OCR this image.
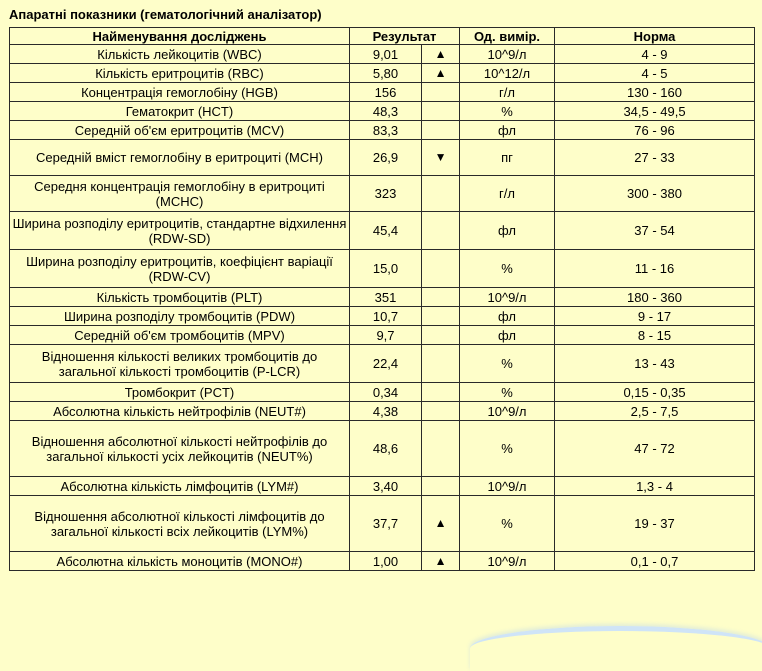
Апаратні показники (гематологічний аналізатор)
Найменування досліджень	Результат		Од. вимір.	Норма
Кількість лейкоцитів (WBC)	9,01	▲	10^9/л	4 - 9
Кількість еритроцитів (RBC)	5,80	▲	10^12/л	4 - 5
Концентрація гемоглобіну (HGB)	156		г/л	130 - 160
Гематокрит (HCT)	48,3		%	34,5 - 49,5
Середній об'єм еритроцитів (MCV)	83,3		фл	76 - 96
Середній вміст гемоглобіну в еритроциті (MCH)	26,9	▼	пг	27 - 33
Середня концентрація гемоглобіну в еритроциті (MCHC)	323		г/л	300 - 380
Ширина розподілу еритроцитів, стандартне відхилення (RDW-SD)	45,4		фл	37 - 54
Ширина розподілу еритроцитів, коефіцієнт варіації (RDW-CV)	15,0		%	11 - 16
Кількість тромбоцитів (PLT)	351		10^9/л	180 - 360
Ширина розподілу тромбоцитів (PDW)	10,7		фл	9 - 17
Середній об'єм тромбоцитів (MPV)	9,7		фл	8 - 15
Відношення кількості великих тромбоцитів до загальної кількості тромбоцитів (P-LCR)	22,4		%	13 - 43
Тромбокрит (PCT)	0,34		%	0,15 - 0,35
Абсолютна кількість нейтрофілів (NEUT#)	4,38		10^9/л	2,5 - 7,5
Відношення абсолютної кількості нейтрофілів до загальної кількості усіх лейкоцитів (NEUT%)	48,6		%	47 - 72
Абсолютна кількість лімфоцитів (LYM#)	3,40		10^9/л	1,3 - 4
Відношення абсолютної кількості лімфоцитів до загальної кількості всіх лейкоцитів (LYM%)	37,7	▲	%	19 - 37
Абсолютна кількість моноцитів (MONO#)	1,00	▲	10^9/л	0,1 - 0,7
